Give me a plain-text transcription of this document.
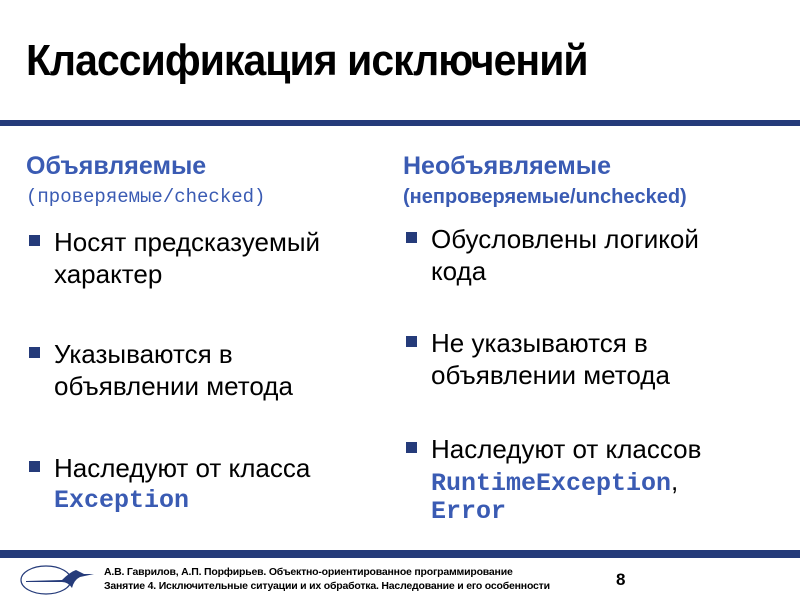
Классификация исключений
Объявляемые
(проверяемые/checked)
Носят предсказуемый
характер
Указываются в
объявлении метода
Наследуют от класса
Exception
Необъявляемые
(непроверяемые/unchecked)
Обусловлены логикой
кода
Не указываются в
объявлении метода
Наследуют от классов
RuntimeException,
Error
А.В. Гаврилов, А.П. Порфирьев. Объектно-ориентированное программирование
Занятие 4. Исключительные ситуации и их обработка. Наследование и его особенности	8
